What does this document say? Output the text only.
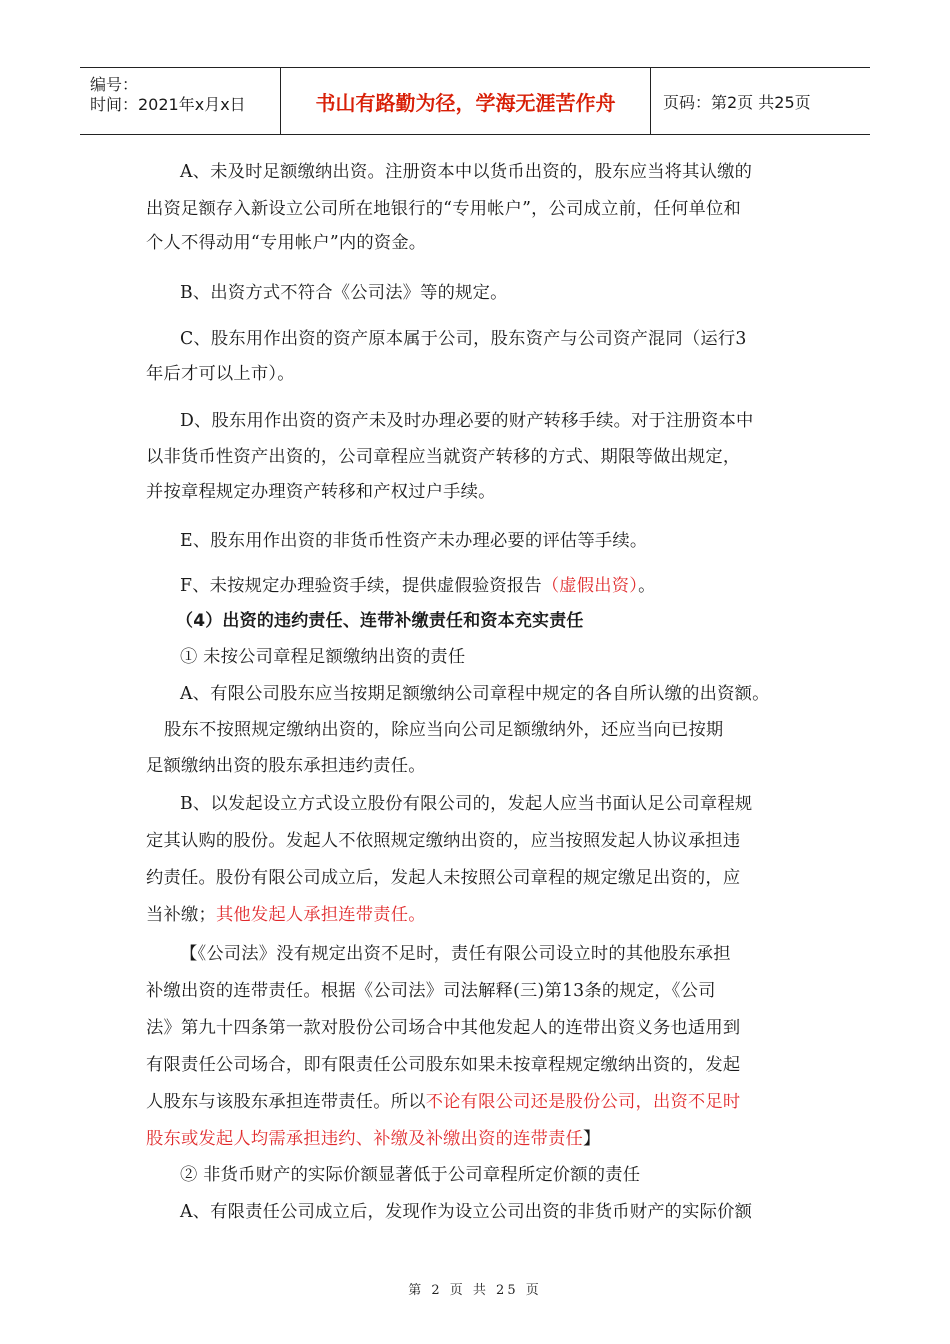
编号：
时间：2021年x月x日	书山有路勤为径，学海无涯苦作舟	页码：第2页 共25页
A、未及时足额缴纳出资。注册资本中以货币出资的，股东应当将其认缴的
出资足额存入新设立公司所在地银行的“专用帐户”，公司成立前，任何单位和
个人不得动用“专用帐户”内的资金。
B、出资方式不符合《公司法》等的规定。
C、股东用作出资的资产原本属于公司，股东资产与公司资产混同（运行3
年后才可以上市）。
D、股东用作出资的资产未及时办理必要的财产转移手续。对于注册资本中
以非货币性资产出资的，公司章程应当就资产转移的方式、期限等做出规定，
并按章程规定办理资产转移和产权过户手续。
E、股东用作出资的非货币性资产未办理必要的评估等手续。
F、未按规定办理验资手续，提供虚假验资报告（虚假出资）。
（4）出资的违约责任、连带补缴责任和资本充实责任
① 未按公司章程足额缴纳出资的责任
A、有限公司股东应当按期足额缴纳公司章程中规定的各自所认缴的出资额。
股东不按照规定缴纳出资的，除应当向公司足额缴纳外，还应当向已按期
足额缴纳出资的股东承担违约责任。
B、以发起设立方式设立股份有限公司的，发起人应当书面认足公司章程规
定其认购的股份。发起人不依照规定缴纳出资的，应当按照发起人协议承担违
约责任。股份有限公司成立后，发起人未按照公司章程的规定缴足出资的，应
当补缴；其他发起人承担连带责任。
【《公司法》没有规定出资不足时，责任有限公司设立时的其他股东承担
补缴出资的连带责任。根据《公司法》司法解释(三)第13条的规定，《公司
法》第九十四条第一款对股份公司场合中其他发起人的连带出资义务也适用到
有限责任公司场合，即有限责任公司股东如果未按章程规定缴纳出资的，发起
人股东与该股东承担连带责任。所以不论有限公司还是股份公司，出资不足时
股东或发起人均需承担违约、补缴及补缴出资的连带责任】
② 非货币财产的实际价额显著低于公司章程所定价额的责任
A、有限责任公司成立后，发现作为设立公司出资的非货币财产的实际价额
第 2 页 共 25 页
